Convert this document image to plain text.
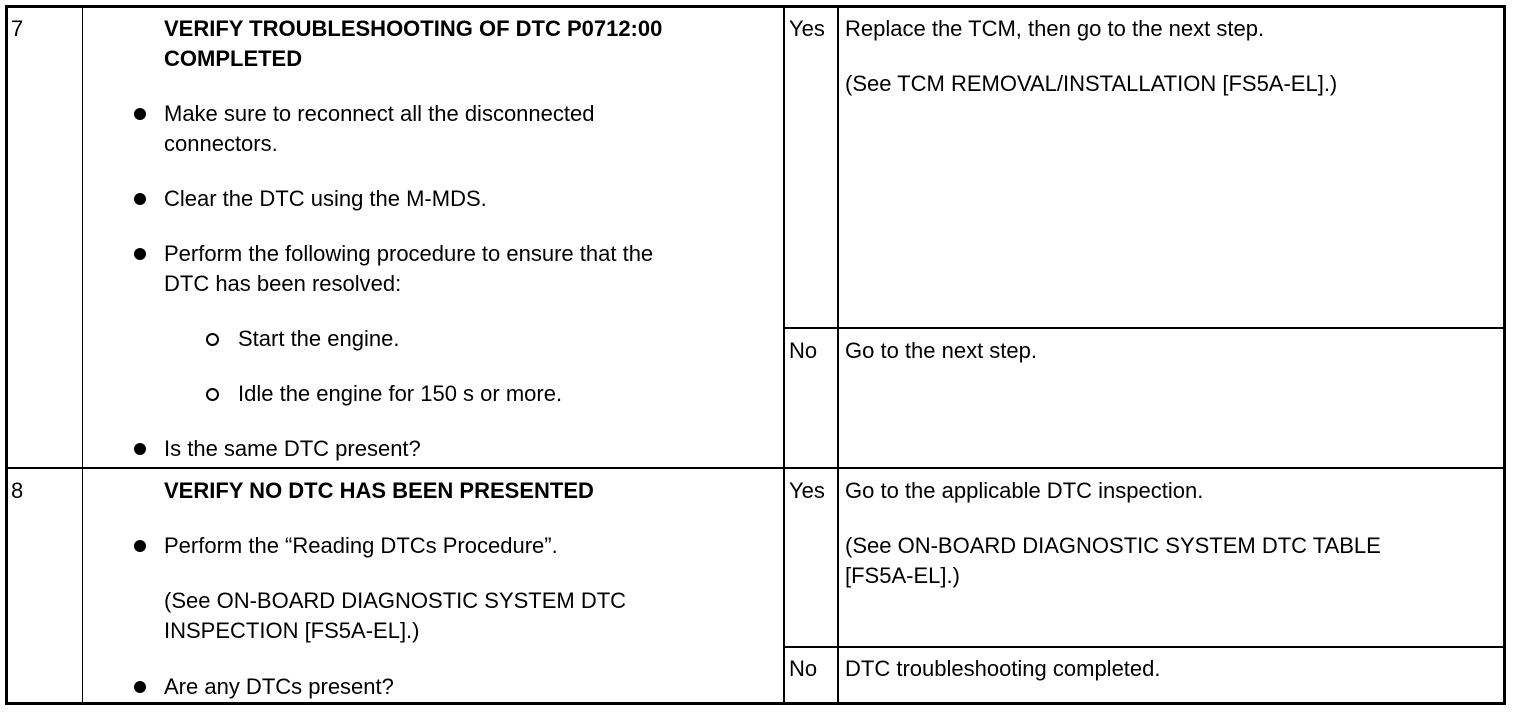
7	VERIFY TROUBLESHOOTING OF DTC P0712:00
COMPLETED
Make sure to reconnect all the disconnected
connectors.
Clear the DTC using the M-MDS.
Perform the following procedure to ensure that the
DTC has been resolved:
Start the engine.
Idle the engine for 150 s or more.
Is the same DTC present?
Yes Replace the TCM, then go to the next step.
(See TCM REMOVAL/INSTALLATION [FS5A-EL].)
No Go to the next step.
8	VERIFY NO DTC HAS BEEN PRESENTED
Perform the “Reading DTCs Procedure”.
(See ON-BOARD DIAGNOSTIC SYSTEM DTC
INSPECTION [FS5A-EL].)
Are any DTCs present?
Yes Go to the applicable DTC inspection.
(See ON-BOARD DIAGNOSTIC SYSTEM DTC TABLE
[FS5A-EL].)
No DTC troubleshooting completed.
